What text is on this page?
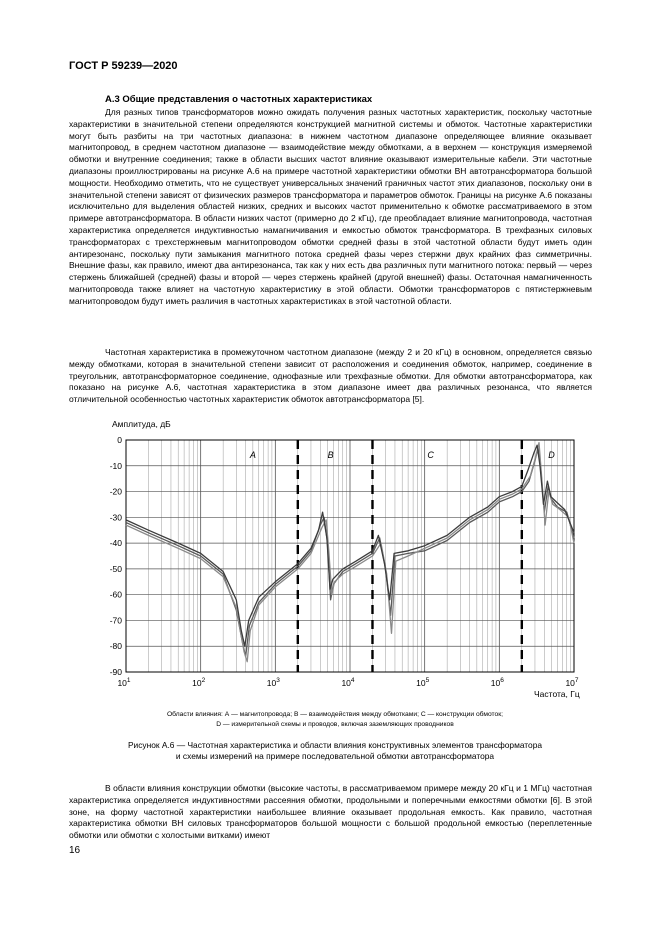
ГОСТ Р 59239—2020
А.3 Общие представления о частотных характеристиках
Для разных типов трансформаторов можно ожидать получения разных частотных характеристик, поскольку частотные характеристики в значительной степени определяются конструкцией магнитной системы и обмоток. Частотные характеристики могут быть разбиты на три частотных диапазона: в нижнем частотном диапазоне определяющее влияние оказывает магнитопровод, в среднем частотном диапазоне — взаимодействие между обмотками, а в верхнем — конструкция измеряемой обмотки и внутренние соединения; также в области высших частот влияние оказывают измерительные кабели. Эти частотные диапазоны проиллюстрированы на рисунке А.6 на примере частотной характеристики обмотки ВН автотрансформатора большой мощности. Необходимо отметить, что не существует универсальных значений граничных частот этих диапазонов, поскольку они в значительной степени зависят от физических размеров трансформатора и параметров обмоток. Границы на рисунке А.6 показаны исключительно для выделения областей низких, средних и высоких частот применительно к обмотке рассматриваемого в этом примере автотрансформатора. В области низких частот (примерно до 2 кГц), где преобладает влияние магнитопровода, частотная характеристика определяется индуктивностью намагничивания и емкостью обмоток трансформатора. В трехфазных силовых трансформаторах с трехстержневым магнитопроводом обмотки средней фазы в этой частотной области будут иметь один антирезонанс, поскольку пути замыкания магнитного потока средней фазы через стержни двух крайних фаз симметричны. Внешние фазы, как правило, имеют два антирезонанса, так как у них есть два различных пути магнитного потока: первый — через стержень ближайшей (средней) фазы и второй — через стержень крайней (другой внешней) фазы. Остаточная намагниченность магнитопровода также влияет на частотную характеристику в этой области. Обмотки трансформаторов с пятистержневым магнитопроводом будут иметь различия в частотных характеристиках в этой частотной области.
Частотная характеристика в промежуточном частотном диапазоне (между 2 и 20 кГц) в основном, определяется связью между обмотками, которая в значительной степени зависит от расположения и соединения обмоток, например, соединение в треугольник, автотрансформаторное соединение, однофазные или трехфазные обмотки. Для обмотки автотрансформатора, как показано на рисунке А.6, частотная характеристика в этом диапазоне имеет два различных резонанса, что является отличительной особенностью частотных характеристик обмоток автотрансформатора [5].
A	B	C	D
0
-10
-20
-30
-40
-50
-60
-70
-80
-90
$10^1$	$10^2$	$10^3$	$10^4$	$10^5$	$10^6$	$10^7$
Амплитуда, дБ
Частота, Гц
Области влияния: А — магнитопровода; В — взаимодействия между обмотками; С — конструкции обмоток;
D — измерительной схемы и проводов, включая заземляющих проводников
Рисунок А.6 — Частотная характеристика и области влияния конструктивных элементов трансформатора
и схемы измерений на примере последовательной обмотки автотрансформатора
В области влияния конструкции обмотки (высокие частоты, в рассматриваемом примере между 20 кГц и 1 МГц) частотная характеристика определяется индуктивностями рассеяния обмотки, продольными и поперечными емкостями обмотки [6]. В этой зоне, на форму частотной характеристики наибольшее влияние оказывает продольная емкость. Как правило, частотная характеристика обмотки ВН силовых трансформаторов большой мощности с большой продольной емкостью (переплетенные обмотки или обмотки с холостыми витками) имеют
16
